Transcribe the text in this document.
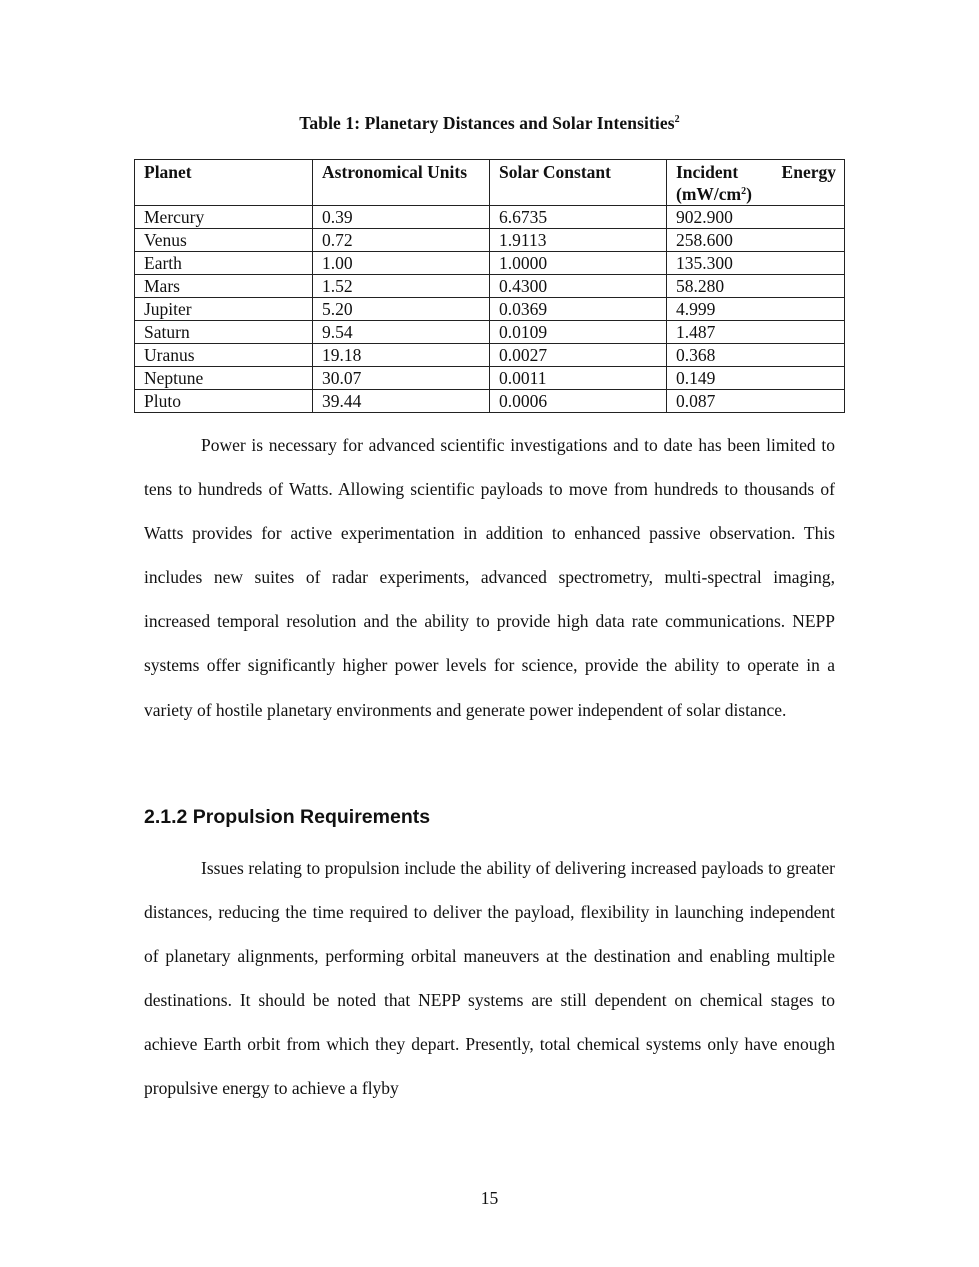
Table 1: Planetary Distances and Solar Intensities$^2$
Planet	Astronomical Units	Solar Constant	Incident Energy
$(mW/cm^2)$

Mercury	0.39	6.6735	902.900
Venus	0.72	1.9113	258.600
Earth	1.00	1.0000	135.300
Mars	1.52	0.4300	58.280
Jupiter	5.20	0.0369	4.999
Saturn	9.54	0.0109	1.487
Uranus	19.18	0.0027	0.368
Neptune	30.07	0.0011	0.149
Pluto	39.44	0.0006	0.087

Power is necessary for advanced scientific investigations and to date has been limited to tens to hundreds of Watts. Allowing scientific payloads to move from hundreds to thousands of Watts provides for active experimentation in addition to enhanced passive observation. This includes new suites of radar experiments, advanced spectrometry, multi-spectral imaging, increased temporal resolution and the ability to provide high data rate communications. NEPP systems offer significantly higher power levels for science, provide the ability to operate in a variety of hostile planetary environments and generate power independent of solar distance.

2.1.2 Propulsion Requirements

Issues relating to propulsion include the ability of delivering increased payloads to greater distances, reducing the time required to deliver the payload, flexibility in launching independent of planetary alignments, performing orbital maneuvers at the destination and enabling multiple destinations. It should be noted that NEPP systems are still dependent on chemical stages to achieve Earth orbit from which they depart. Presently, total chemical systems only have enough propulsive energy to achieve a flyby

15
